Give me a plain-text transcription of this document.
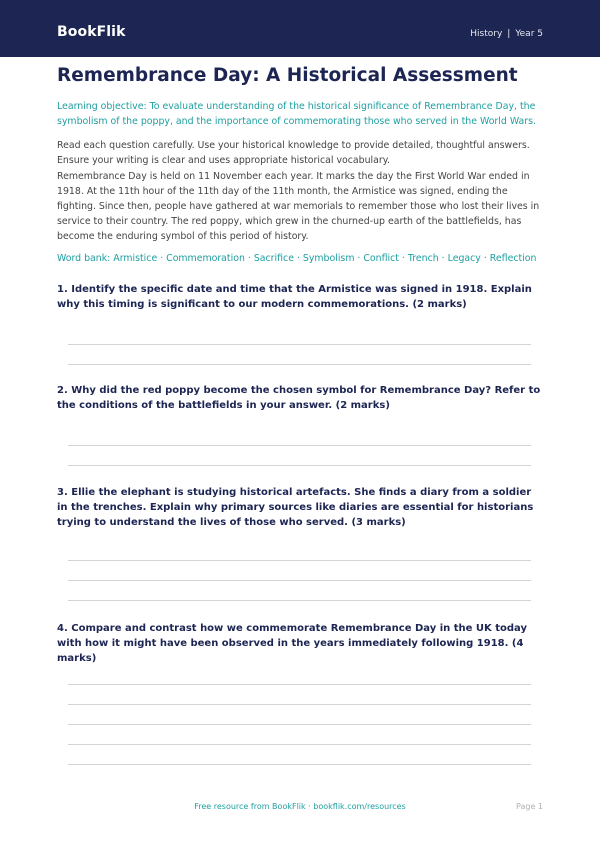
BookFlik	History | Year 5
Remembrance Day: A Historical Assessment

Learning objective: To evaluate understanding of the historical significance of Remembrance Day, the symbolism of the poppy, and the importance of commemorating those who served in the World Wars.

Read each question carefully. Use your historical knowledge to provide detailed, thoughtful answers. Ensure your writing is clear and uses appropriate historical vocabulary.

Remembrance Day is held on 11 November each year. It marks the day the First World War ended in 1918. At the 11th hour of the 11th day of the 11th month, the Armistice was signed, ending the fighting. Since then, people have gathered at war memorials to remember those who lost their lives in service to their country. The red poppy, which grew in the churned-up earth of the battlefields, has become the enduring symbol of this period of history.

Word bank: Armistice · Commemoration · Sacrifice · Symbolism · Conflict · Trench · Legacy · Reflection

1. Identify the specific date and time that the Armistice was signed in 1918. Explain why this timing is significant to our modern commemorations. (2 marks)

2. Why did the red poppy become the chosen symbol for Remembrance Day? Refer to the conditions of the battlefields in your answer. (2 marks)

3. Ellie the elephant is studying historical artefacts. She finds a diary from a soldier in the trenches. Explain why primary sources like diaries are essential for historians trying to understand the lives of those who served. (3 marks)

4. Compare and contrast how we commemorate Remembrance Day in the UK today with how it might have been observed in the years immediately following 1918. (4 marks)

Free resource from BookFlik · bookflik.com/resources	Page 1
